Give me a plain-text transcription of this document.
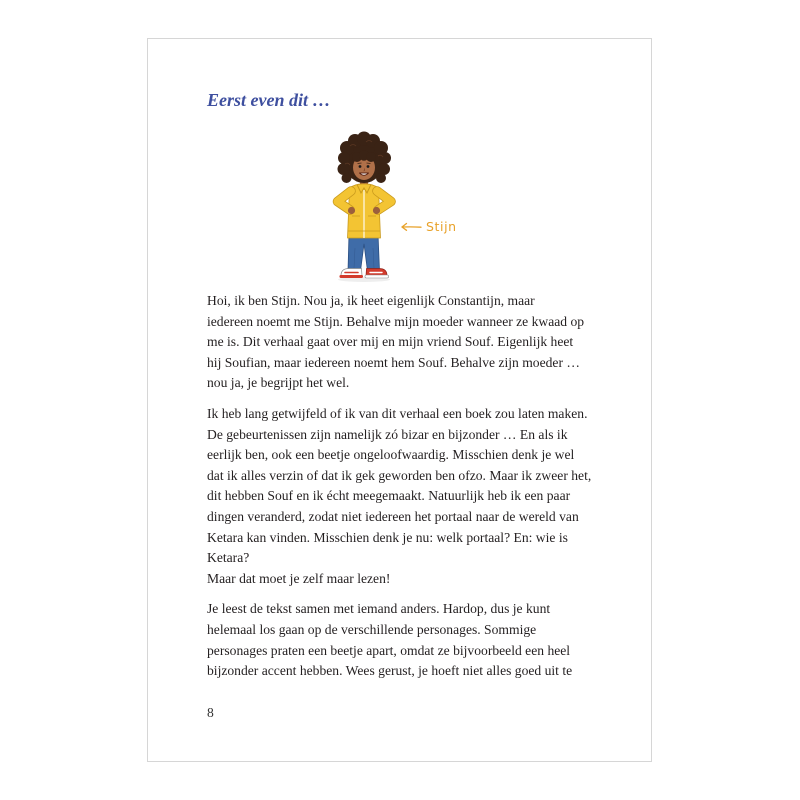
Eerst even dit …
Stijn
Hoi, ik ben Stijn. Nou ja, ik heet eigenlijk Constantijn, maar
iedereen noemt me Stijn. Behalve mijn moeder wanneer ze kwaad op
me is. Dit verhaal gaat over mij en mijn vriend Souf. Eigenlijk heet
hij Soufian, maar iedereen noemt hem Souf. Behalve zijn moeder …
nou ja, je begrijpt het wel.
Ik heb lang getwijfeld of ik van dit verhaal een boek zou laten maken.
De gebeurtenissen zijn namelijk zó bizar en bijzonder … En als ik
eerlijk ben, ook een beetje ongeloofwaardig. Misschien denk je wel
dat ik alles verzin of dat ik gek geworden ben ofzo. Maar ik zweer het,
dit hebben Souf en ik écht meegemaakt. Natuurlijk heb ik een paar
dingen veranderd, zodat niet iedereen het portaal naar de wereld van
Ketara kan vinden. Misschien denk je nu: welk portaal? En: wie is
Ketara?
Maar dat moet je zelf maar lezen!
Je leest de tekst samen met iemand anders. Hardop, dus je kunt
helemaal los gaan op de verschillende personages. Sommige
personages praten een beetje apart, omdat ze bijvoorbeeld een heel
bijzonder accent hebben. Wees gerust, je hoeft niet alles goed uit te
8
